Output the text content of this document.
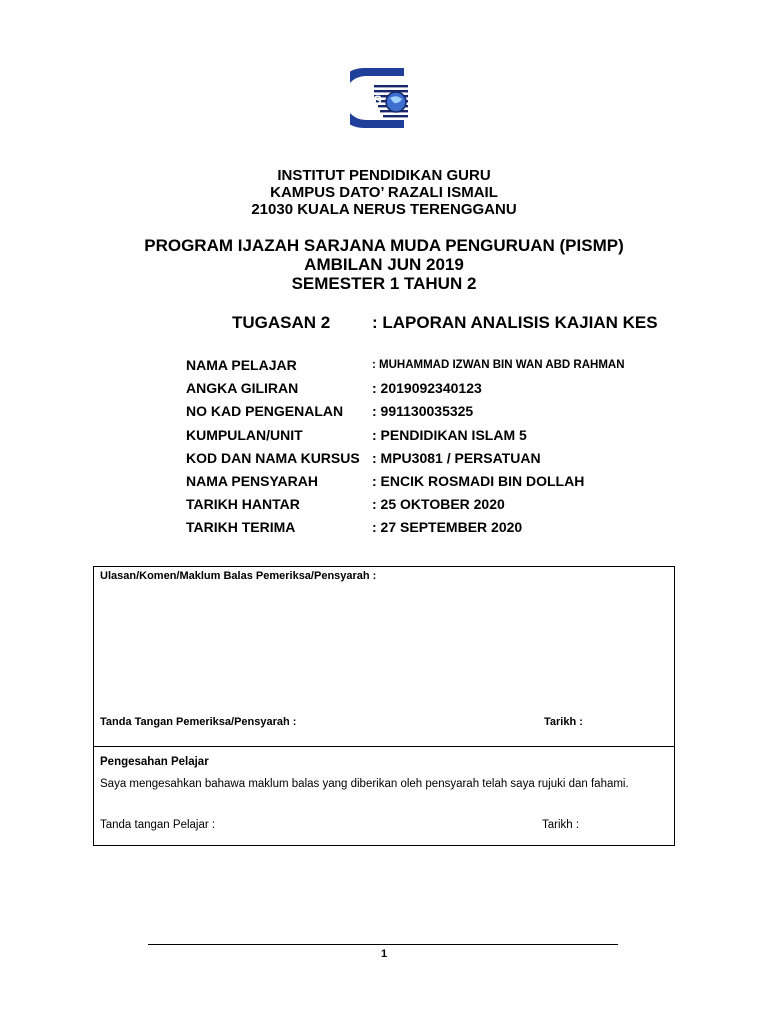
IPG
INSTITUT PENDIDIKAN GURU
KAMPUS DATO’ RAZALI ISMAIL
21030 KUALA NERUS TERENGGANU
PROGRAM IJAZAH SARJANA MUDA PENGURUAN (PISMP)
AMBILAN JUN 2019
SEMESTER 1 TAHUN 2
TUGASAN 2 : LAPORAN ANALISIS KAJIAN KES
NAMA PELAJAR	: MUHAMMAD IZWAN BIN WAN ABD RAHMAN
ANGKA GILIRAN	: 2019092340123
NO KAD PENGENALAN : 991130035325
KUMPULAN/UNIT	: PENDIDIKAN ISLAM 5
KOD DAN NAMA KURSUS : MPU3081 / PERSATUAN
NAMA PENSYARAH	: ENCIK ROSMADI BIN DOLLAH
TARIKH HANTAR	: 25 OKTOBER 2020
TARIKH TERIMA	: 27 SEPTEMBER 2020
Ulasan/Komen/Maklum Balas Pemeriksa/Pensyarah :
Tanda Tangan Pemeriksa/Pensyarah :	Tarikh :
Pengesahan Pelajar
Saya mengesahkan bahawa maklum balas yang diberikan oleh pensyarah telah saya rujuki dan fahami.
Tanda tangan Pelajar :	Tarikh :
1
